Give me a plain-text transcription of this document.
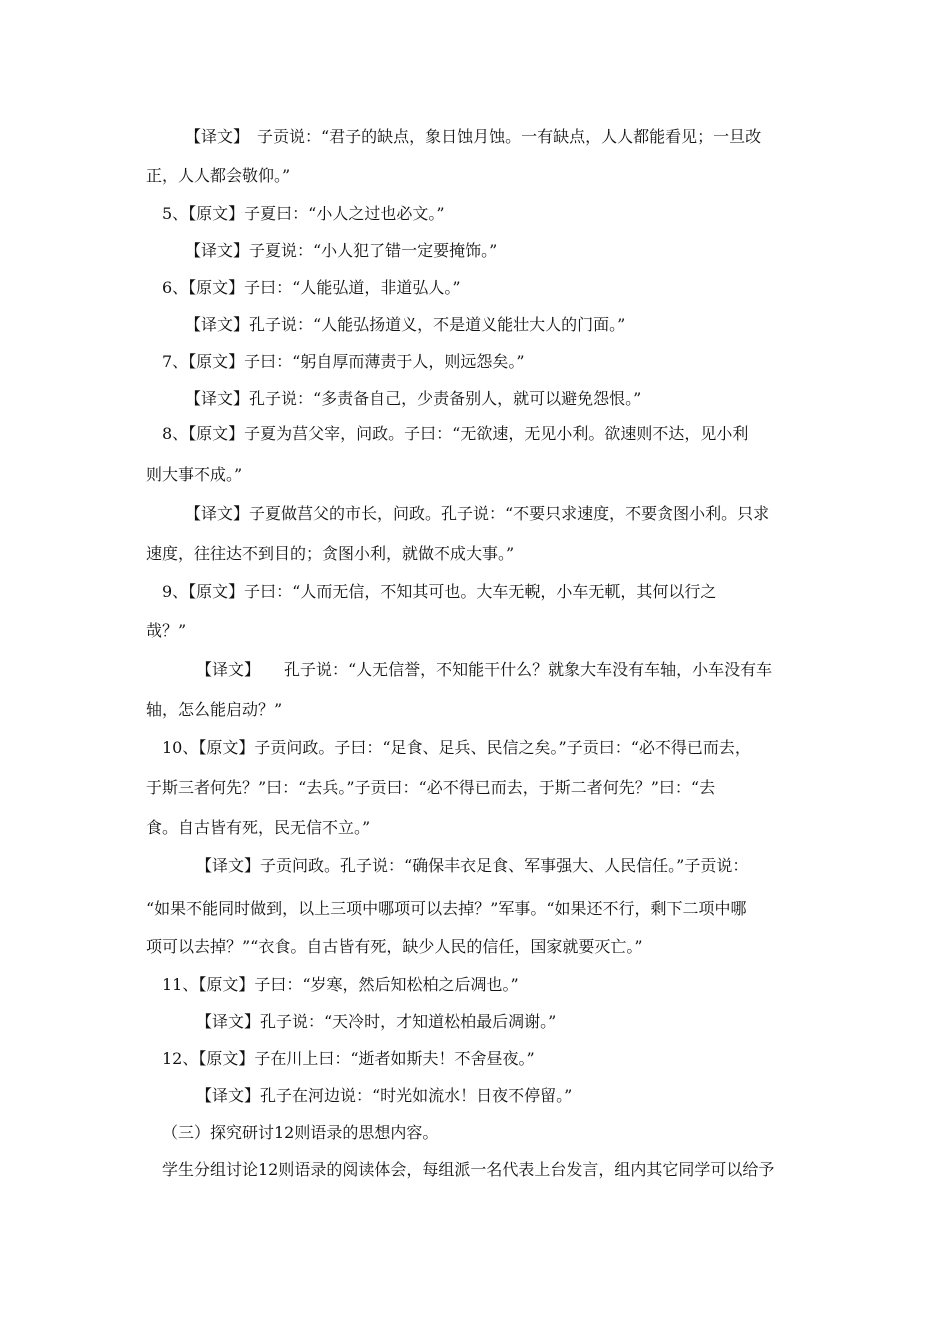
【译文】　子贡说：“君子的缺点，象日蚀月蚀。一有缺点，人人都能看见；一旦改
正，人人都会敬仰。”
5、【原文】子夏曰：“小人之过也必文。”
【译文】子夏说：“小人犯了错一定要掩饰。”
6、【原文】子曰：“人能弘道，非道弘人。”
【译文】孔子说：“人能弘扬道义，不是道义能壮大人的门面。”
7、【原文】子曰：“躬自厚而薄责于人，则远怨矣。”
【译文】孔子说：“多责备自己，少责备别人，就可以避免怨恨。”
8、【原文】子夏为莒父宰，问政。子曰：“无欲速，无见小利。欲速则不达，见小利
则大事不成。”
【译文】子夏做莒父的市长，问政。孔子说：“不要只求速度，不要贪图小利。只求
速度，往往达不到目的；贪图小利，就做不成大事。”
9、【原文】子曰：“人而无信，不知其可也。大车无輗，小车无軏，其何以行之
哉？”
【译文】　　孔子说：“人无信誉，不知能干什么？就象大车没有车轴，小车没有车
轴，怎么能启动？”
10、【原文】子贡问政。子曰：“足食、足兵、民信之矣。”子贡曰：“必不得已而去，
于斯三者何先？”曰：“去兵。”子贡曰：“必不得已而去，于斯二者何先？”曰：“去
食。自古皆有死，民无信不立。”
【译文】子贡问政。孔子说：“确保丰衣足食、军事强大、人民信任。”子贡说：
“如果不能同时做到，以上三项中哪项可以去掉？”军事。“如果还不行，剩下二项中哪
项可以去掉？”“衣食。自古皆有死，缺少人民的信任，国家就要灭亡。”
11、【原文】子曰：“岁寒，然后知松柏之后凋也。”
【译文】孔子说：“天冷时，才知道松柏最后凋谢。”
12、【原文】子在川上曰：“逝者如斯夫！不舍昼夜。”
【译文】孔子在河边说：“时光如流水！日夜不停留。”
（三）探究研讨12则语录的思想内容。
学生分组讨论12则语录的阅读体会，每组派一名代表上台发言，组内其它同学可以给予
